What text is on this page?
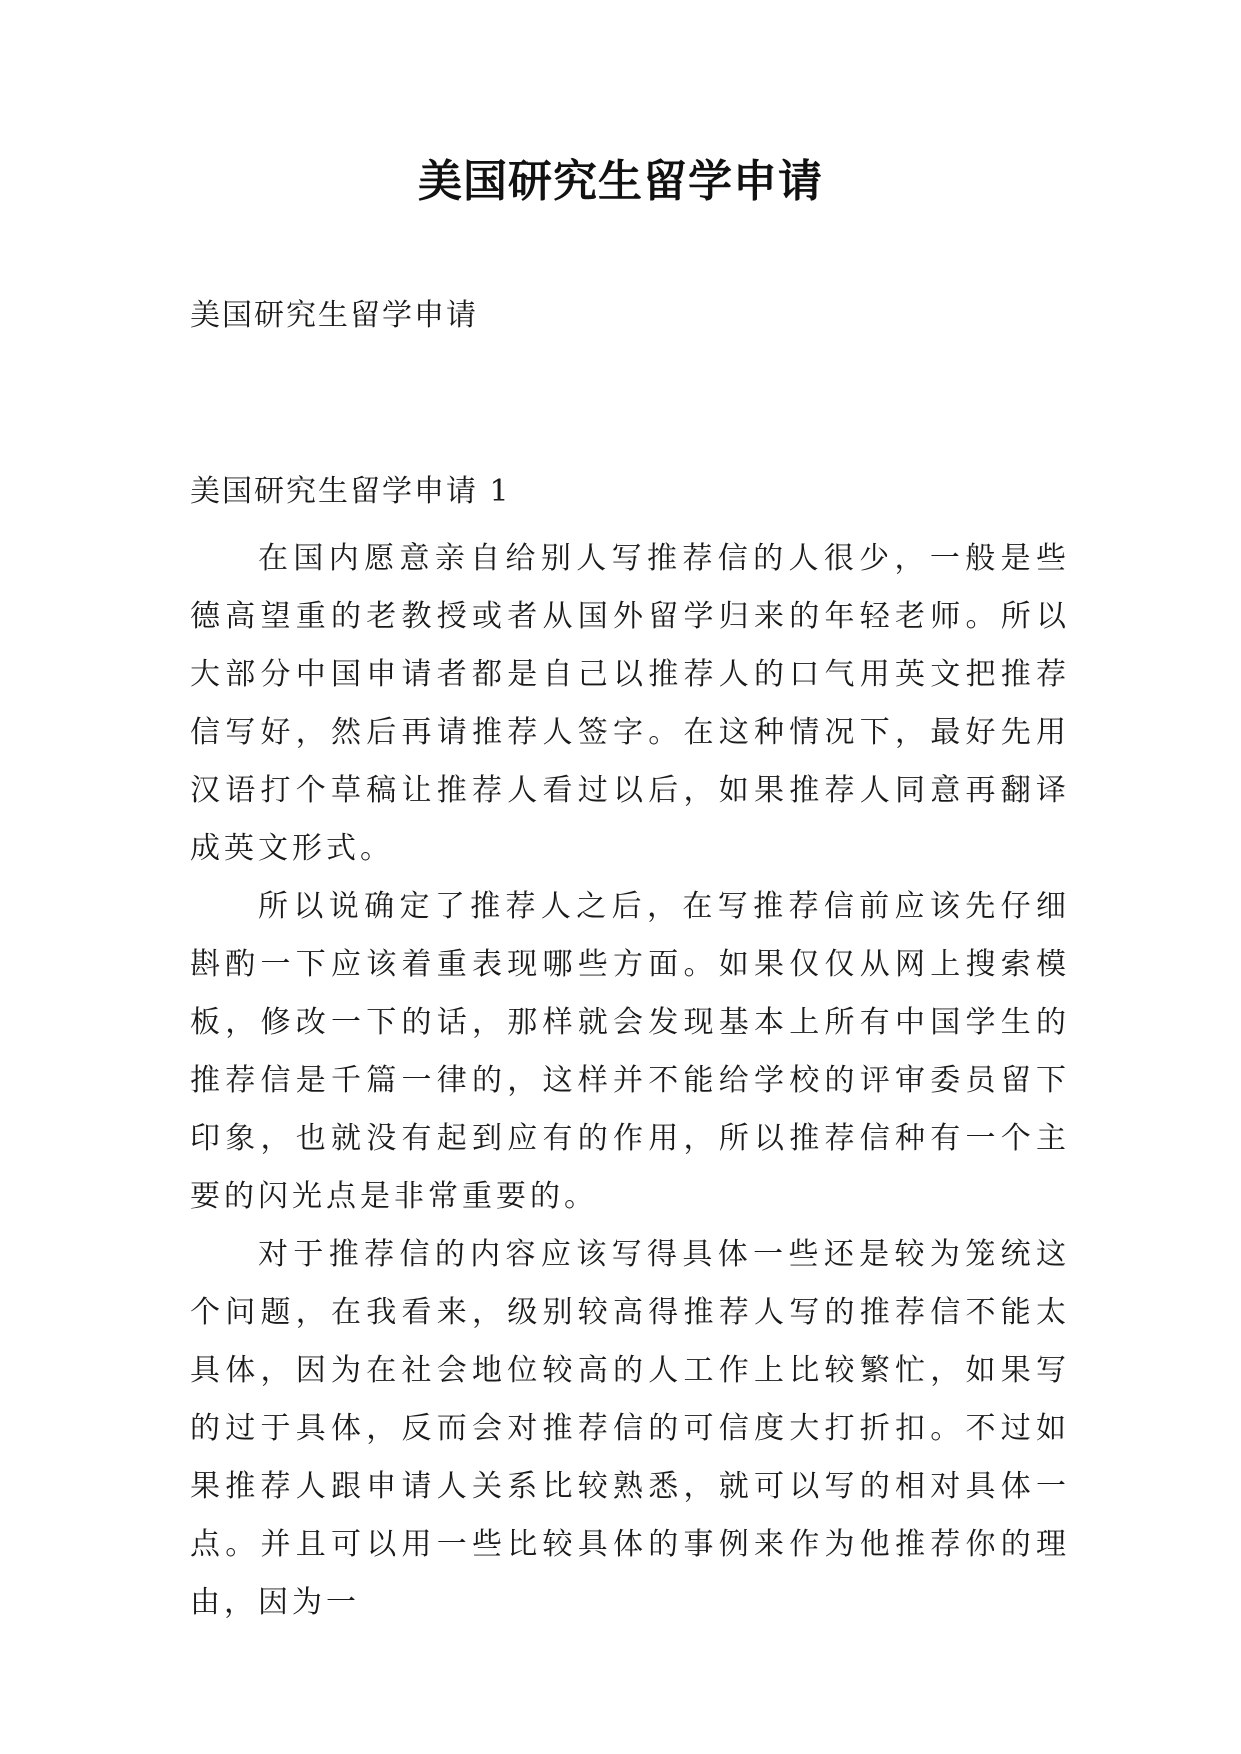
美国研究生留学申请

美国研究生留学申请

美国研究生留学申请 1

在国内愿意亲自给别人写推荐信的人很少，一般是些德高望重的老教授或者从国外留学归来的年轻老师。所以大部分中国申请者都是自己以推荐人的口气用英文把推荐信写好，然后再请推荐人签字。在这种情况下，最好先用汉语打个草稿让推荐人看过以后，如果推荐人同意再翻译成英文形式。

所以说确定了推荐人之后，在写推荐信前应该先仔细斟酌一下应该着重表现哪些方面。如果仅仅从网上搜索模板，修改一下的话，那样就会发现基本上所有中国学生的推荐信是千篇一律的，这样并不能给学校的评审委员留下印象，也就没有起到应有的作用，所以推荐信种有一个主要的闪光点是非常重要的。

对于推荐信的内容应该写得具体一些还是较为笼统这个问题，在我看来，级别较高得推荐人写的推荐信不能太具体，因为在社会地位较高的人工作上比较繁忙，如果写的过于具体，反而会对推荐信的可信度大打折扣。不过如果推荐人跟申请人关系比较熟悉，就可以写的相对具体一点。并且可以用一些比较具体的事例来作为他推荐你的理由，因为一
